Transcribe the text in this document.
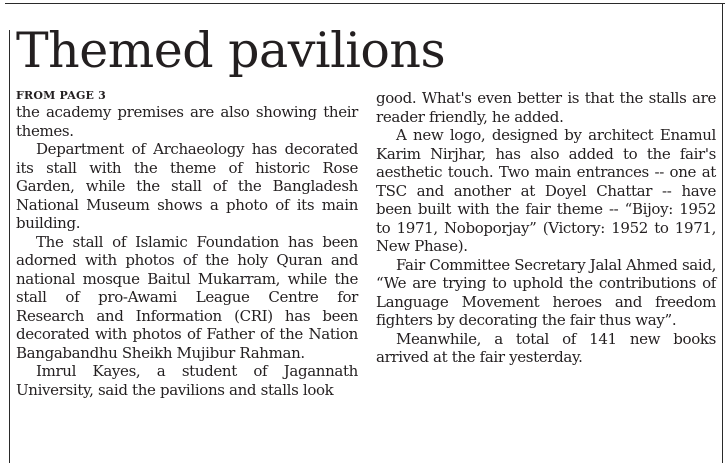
Themed pavilions
FROM PAGE 3

the academy premises are also showing their themes.

Department of Archaeology has decorated its stall with the theme of historic Rose Garden, while the stall of the Bangladesh National Museum shows a photo of its main building.

The stall of Islamic Foundation has been adorned with photos of the holy Quran and national mosque Baitul Mukarram, while the stall of pro-Awami League Centre for Research and Information (CRI) has been decorated with photos of Father of the Nation Bangabandhu Sheikh Mujibur Rahman.

Imrul Kayes, a student of Jagannath University, said the pavilions and stalls look

good. What's even better is that the stalls are reader friendly, he added.

A new logo, designed by architect Enamul Karim Nirjhar, has also added to the fair's aesthetic touch. Two main entrances -- one at TSC and another at Doyel Chattar -- have been built with the fair theme -- “Bijoy: 1952 to 1971, Noboporjay” (Victory: 1952 to 1971, New Phase).

Fair Committee Secretary Jalal Ahmed said, “We are trying to uphold the contributions of Language Movement heroes and freedom fighters by decorating the fair thus way”.

Meanwhile, a total of 141 new books arrived at the fair yesterday.
